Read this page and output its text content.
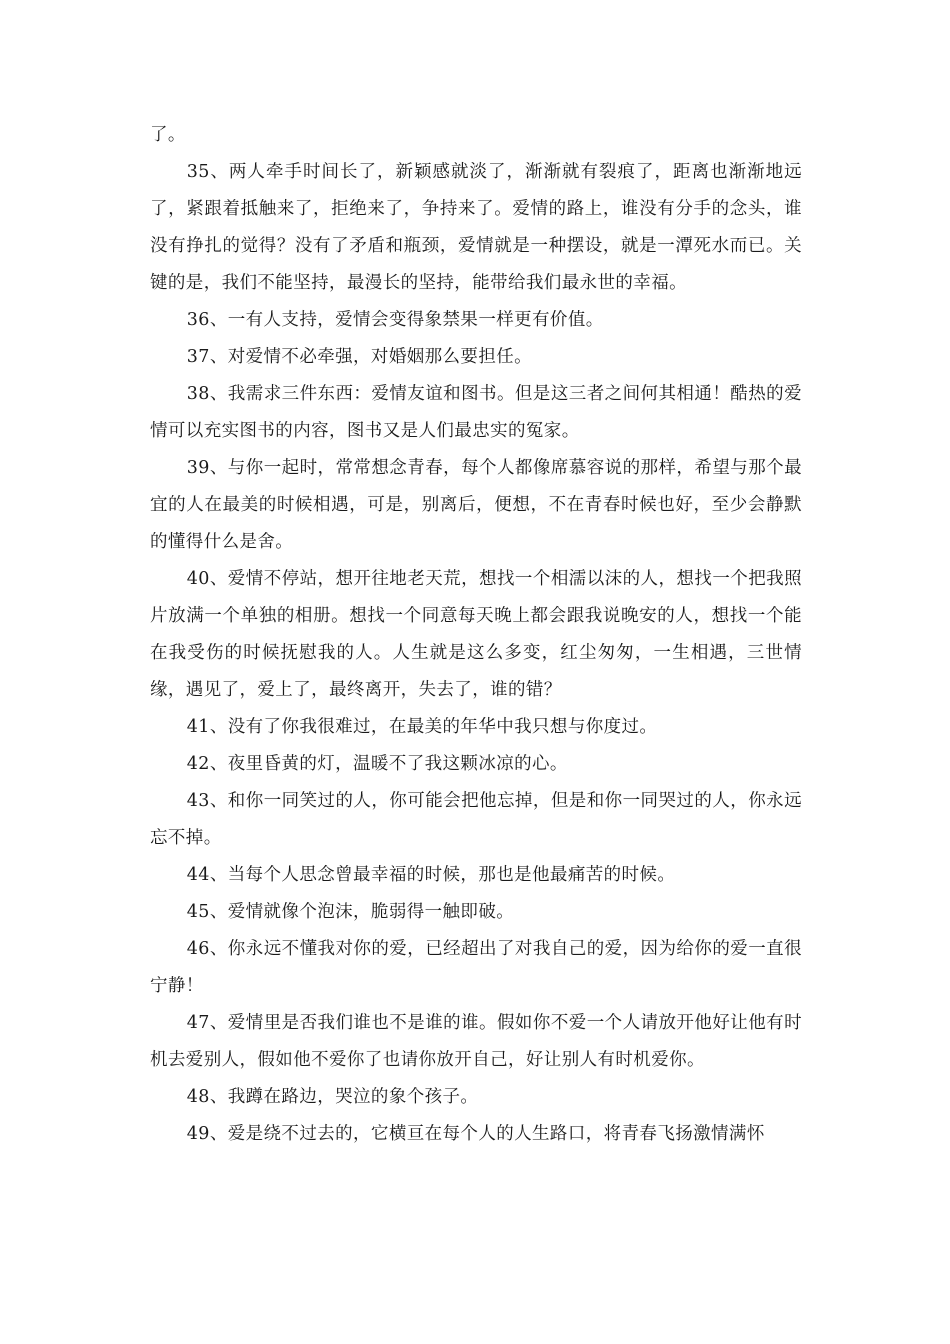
了。

35、两人牵手时间长了，新颖感就淡了，渐渐就有裂痕了，距离也渐渐地远了，紧跟着抵触来了，拒绝来了，争持来了。爱情的路上，谁没有分手的念头，谁没有挣扎的觉得？没有了矛盾和瓶颈，爱情就是一种摆设，就是一潭死水而已。关键的是，我们不能坚持，最漫长的坚持，能带给我们最永世的幸福。

36、一有人支持，爱情会变得象禁果一样更有价值。

37、对爱情不必牵强，对婚姻那么要担任。

38、我需求三件东西：爱情友谊和图书。但是这三者之间何其相通！酷热的爱情可以充实图书的内容，图书又是人们最忠实的冤家。

39、与你一起时，常常想念青春，每个人都像席慕容说的那样，希望与那个最宜的人在最美的时候相遇，可是，别离后，便想，不在青春时候也好，至少会静默的懂得什么是舍。

40、爱情不停站，想开往地老天荒，想找一个相濡以沫的人，想找一个把我照片放满一个单独的相册。想找一个同意每天晚上都会跟我说晚安的人，想找一个能在我受伤的时候抚慰我的人。人生就是这么多变，红尘匆匆，一生相遇，三世情缘，遇见了，爱上了，最终离开，失去了，谁的错？

41、没有了你我很难过，在最美的年华中我只想与你度过。

42、夜里昏黄的灯，温暖不了我这颗冰凉的心。

43、和你一同笑过的人，你可能会把他忘掉，但是和你一同哭过的人，你永远忘不掉。

44、当每个人思念曾最幸福的时候，那也是他最痛苦的时候。

45、爱情就像个泡沫，脆弱得一触即破。

46、你永远不懂我对你的爱，已经超出了对我自己的爱，因为给你的爱一直很宁静！

47、爱情里是否我们谁也不是谁的谁。假如你不爱一个人请放开他好让他有时机去爱别人，假如他不爱你了也请你放开自己，好让别人有时机爱你。

48、我蹲在路边，哭泣的象个孩子。

49、爱是绕不过去的，它横亘在每个人的人生路口，将青春飞扬激情满怀
